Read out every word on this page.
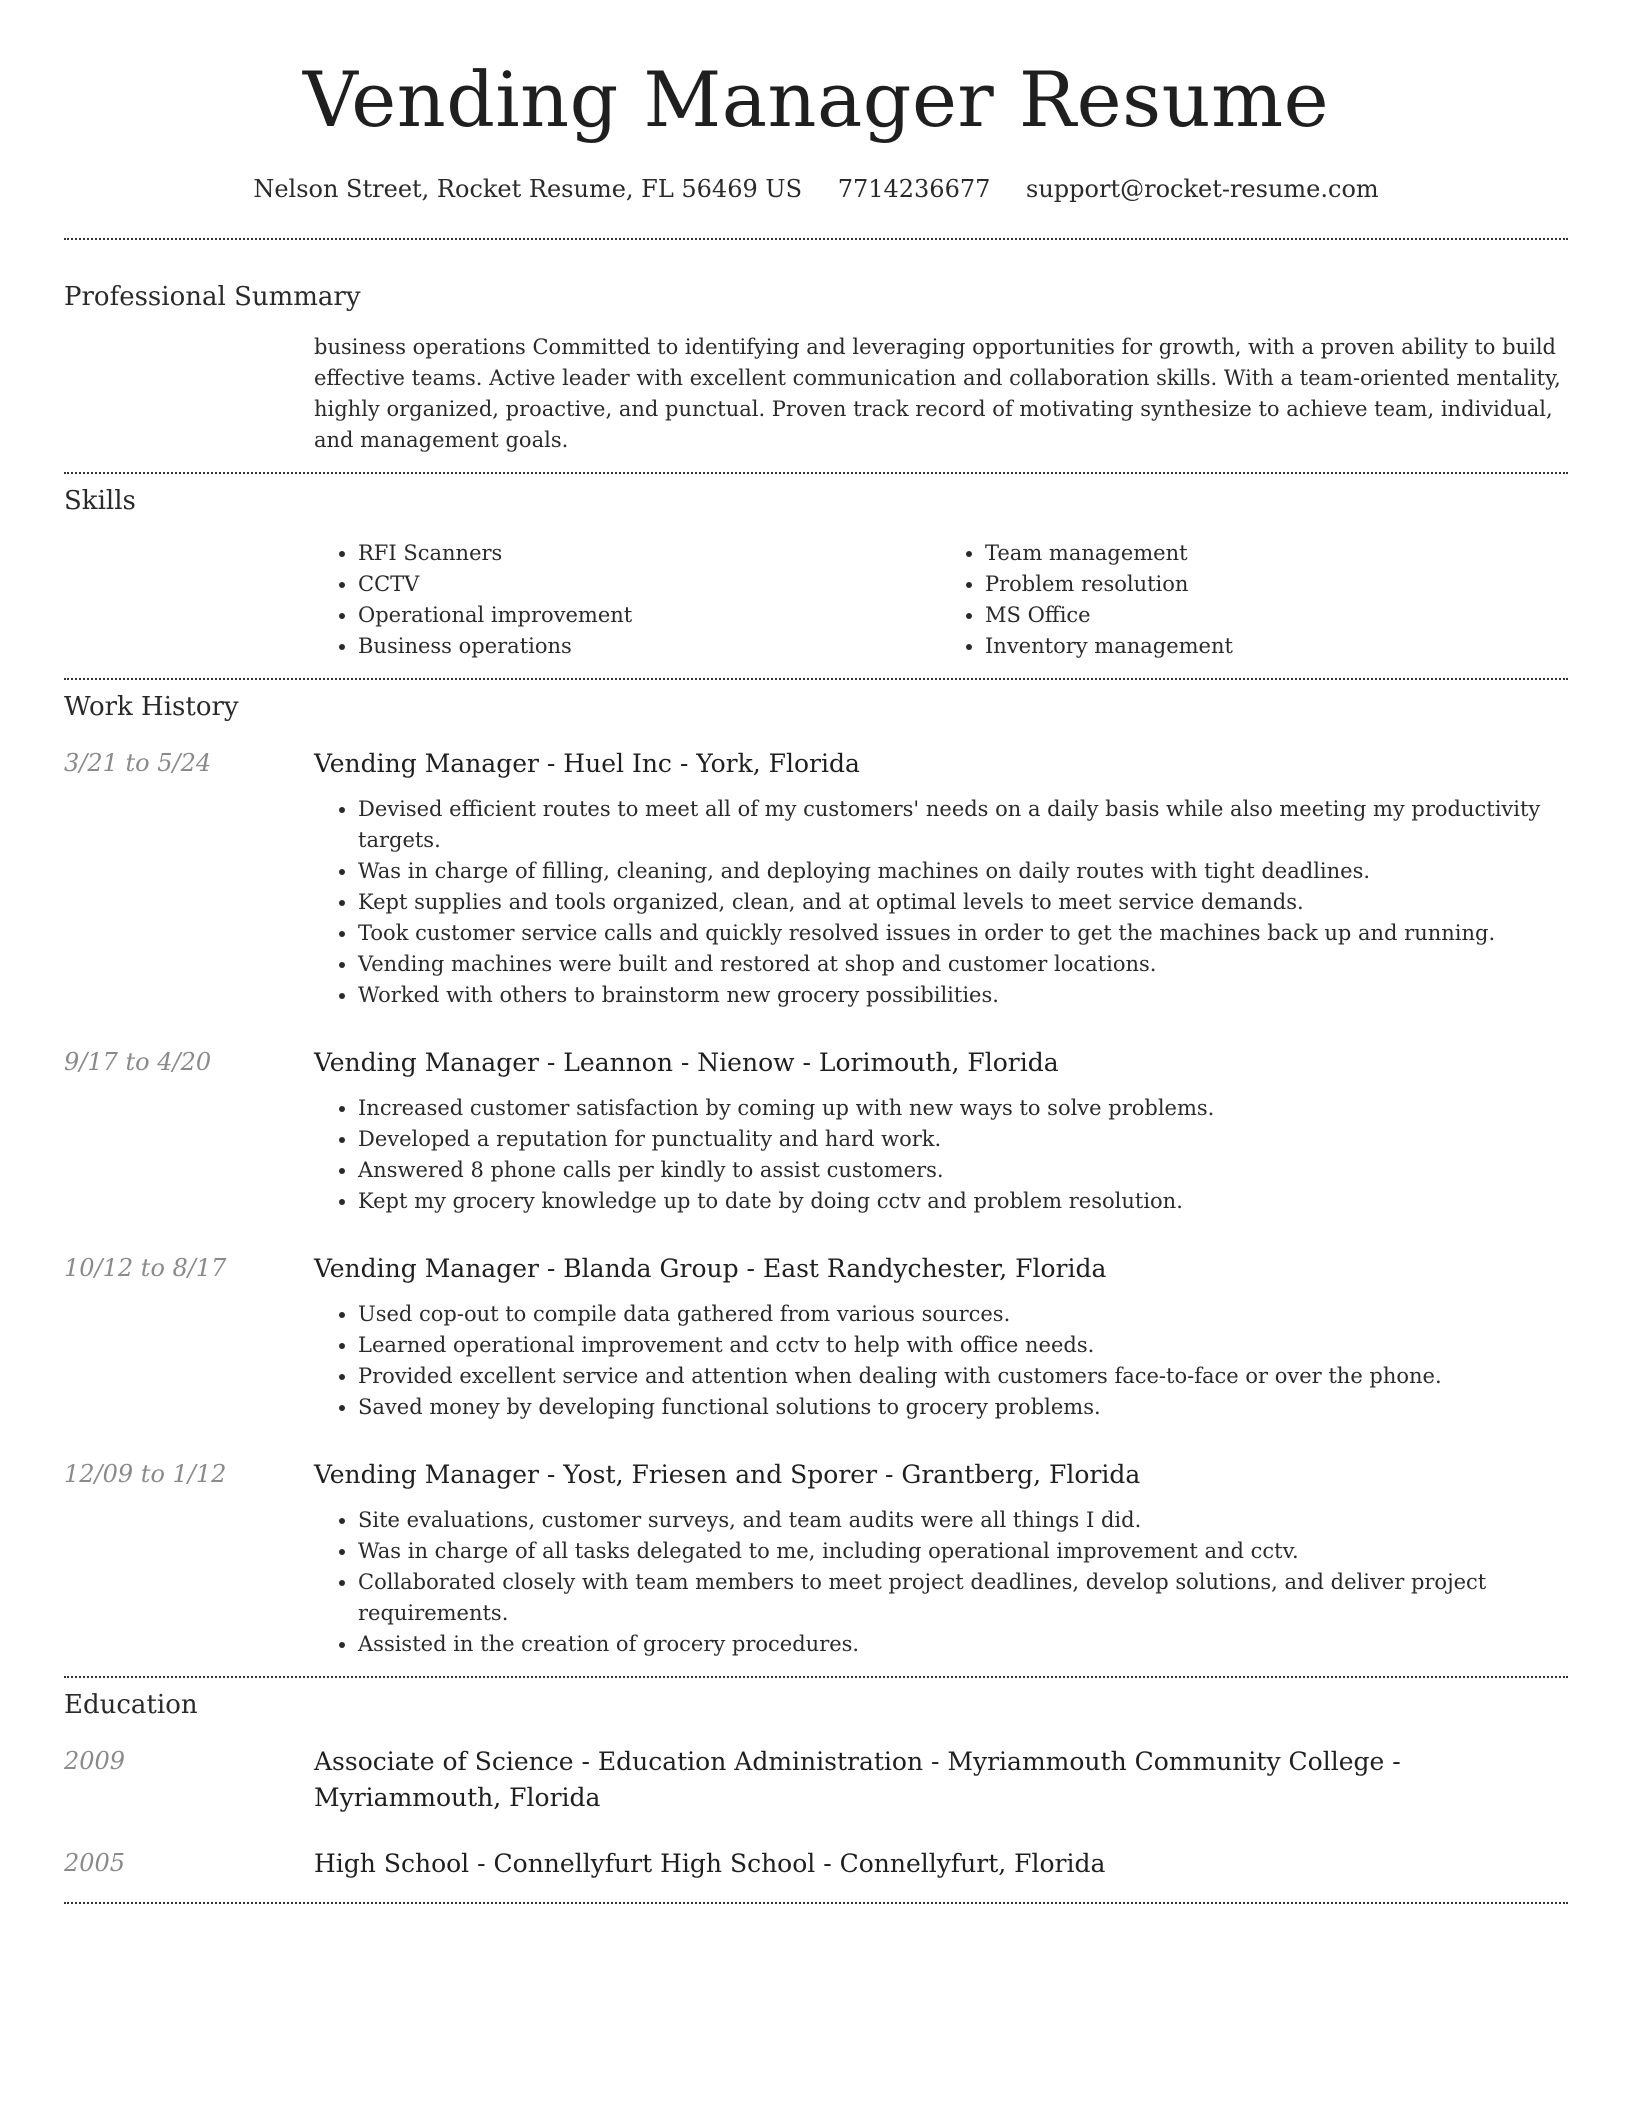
Vending Manager Resume
Nelson Street, Rocket Resume, FL 56469 US 7714236677 support@rocket-resume.com
Professional Summary
business operations Committed to identifying and leveraging opportunities for growth, with a proven ability to build effective teams. Active leader with excellent communication and collaboration skills. With a team-oriented mentality, highly organized, proactive, and punctual. Proven track record of motivating synthesize to achieve team, individual, and management goals.
Skills
• RFI Scanners
• CCTV
• Operational improvement
• Business operations
• Team management
• Problem resolution
• MS Office
• Inventory management
Work History
3/21 to 5/24	Vending Manager - Huel Inc - York, Florida
• Devised efficient routes to meet all of my customers' needs on a daily basis while also meeting my productivity targets.
• Was in charge of filling, cleaning, and deploying machines on daily routes with tight deadlines.
• Kept supplies and tools organized, clean, and at optimal levels to meet service demands.
• Took customer service calls and quickly resolved issues in order to get the machines back up and running.
• Vending machines were built and restored at shop and customer locations.
• Worked with others to brainstorm new grocery possibilities.
9/17 to 4/20	Vending Manager - Leannon - Nienow - Lorimouth, Florida
• Increased customer satisfaction by coming up with new ways to solve problems.
• Developed a reputation for punctuality and hard work.
• Answered 8 phone calls per kindly to assist customers.
• Kept my grocery knowledge up to date by doing cctv and problem resolution.
10/12 to 8/17	Vending Manager - Blanda Group - East Randychester, Florida
• Used cop-out to compile data gathered from various sources.
• Learned operational improvement and cctv to help with office needs.
• Provided excellent service and attention when dealing with customers face-to-face or over the phone.
• Saved money by developing functional solutions to grocery problems.
12/09 to 1/12	Vending Manager - Yost, Friesen and Sporer - Grantberg, Florida
• Site evaluations, customer surveys, and team audits were all things I did.
• Was in charge of all tasks delegated to me, including operational improvement and cctv.
• Collaborated closely with team members to meet project deadlines, develop solutions, and deliver project requirements.
• Assisted in the creation of grocery procedures.
Education
2009	Associate of Science - Education Administration - Myriammouth Community College - Myriammouth, Florida
2005	High School - Connellyfurt High School - Connellyfurt, Florida
